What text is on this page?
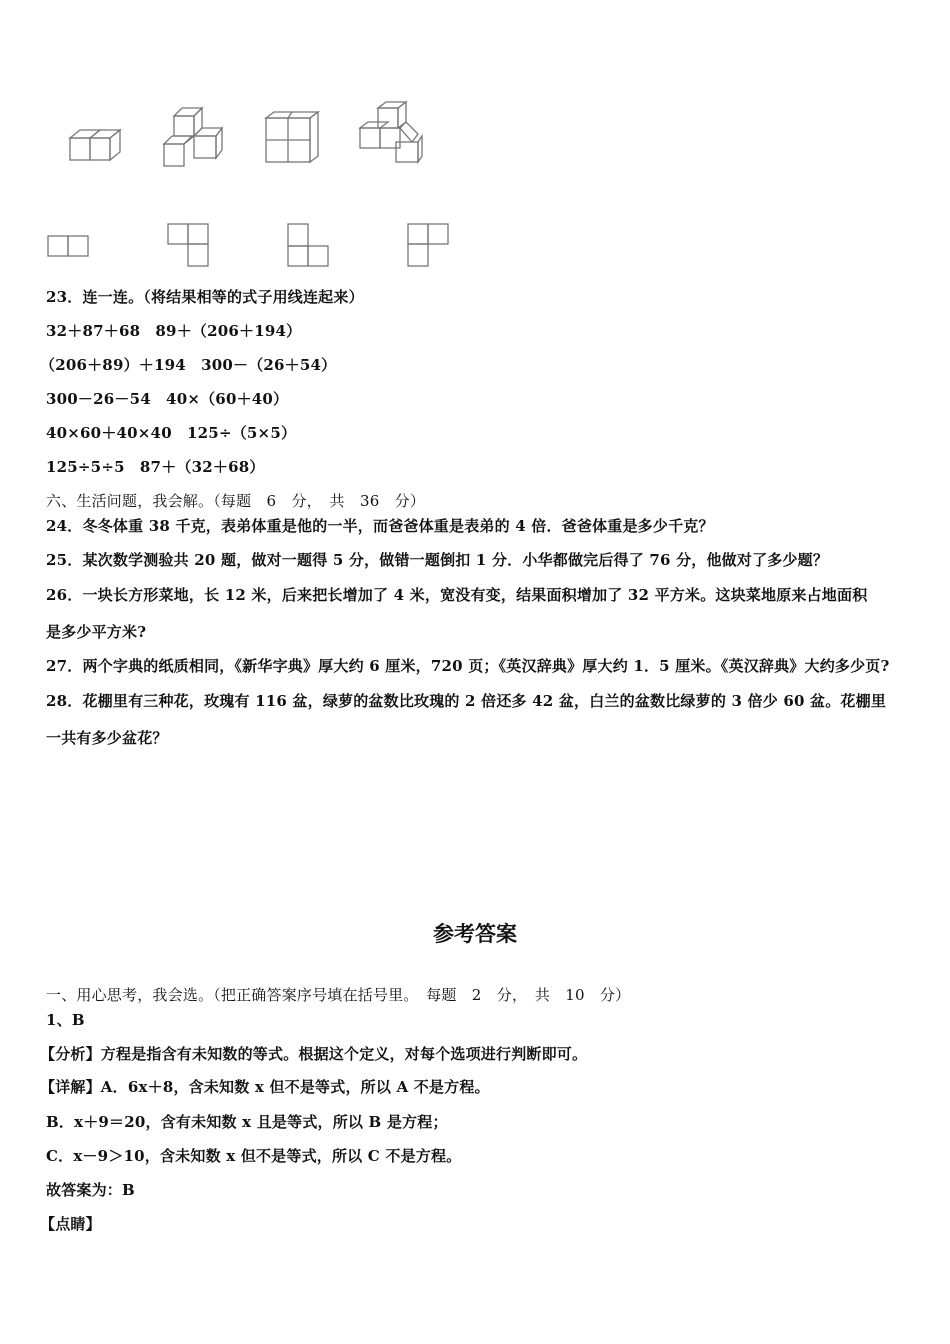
23．连一连。（将结果相等的式子用线连起来）
32＋87＋68　89＋（206＋194）
（206＋89）＋194　300－（26＋54）
300－26－54　40×（60＋40）
40×60＋40×40　125÷（5×5）
125÷5÷5　87＋（32＋68）
六、生活问题，我会解。（每题　6　分，　共　36　分）
24．冬冬体重 38 千克，表弟体重是他的一半，而爸爸体重是表弟的 4 倍．爸爸体重是多少千克？
25．某次数学测验共 20 题，做对一题得 5 分，做错一题倒扣 1 分．小华都做完后得了 76 分，他做对了多少题？
26．一块长方形菜地，长 12 米，后来把长增加了 4 米，宽没有变，结果面积增加了 32 平方米。这块菜地原来占地面积
是多少平方米?
27．两个字典的纸质相同，《新华字典》厚大约 6 厘米，720 页；《英汉辞典》厚大约 1．5 厘米。《英汉辞典》大约多少页?
28．花棚里有三种花，玫瑰有 116 盆，绿萝的盆数比玫瑰的 2 倍还多 42 盆，白兰的盆数比绿萝的 3 倍少 60 盆。花棚里
一共有多少盆花？
参考答案
一、用心思考，我会选。（把正确答案序号填在括号里。　每题　2　分，　共　10　分）
1、B
【分析】方程是指含有未知数的等式。根据这个定义，对每个选项进行判断即可。
【详解】A．6x＋8，含未知数 x 但不是等式，所以 A 不是方程。
B．x＋9＝20，含有未知数 x 且是等式，所以 B 是方程；
C．x－9＞10，含未知数 x 但不是等式，所以 C 不是方程。
故答案为：B
【点睛】
